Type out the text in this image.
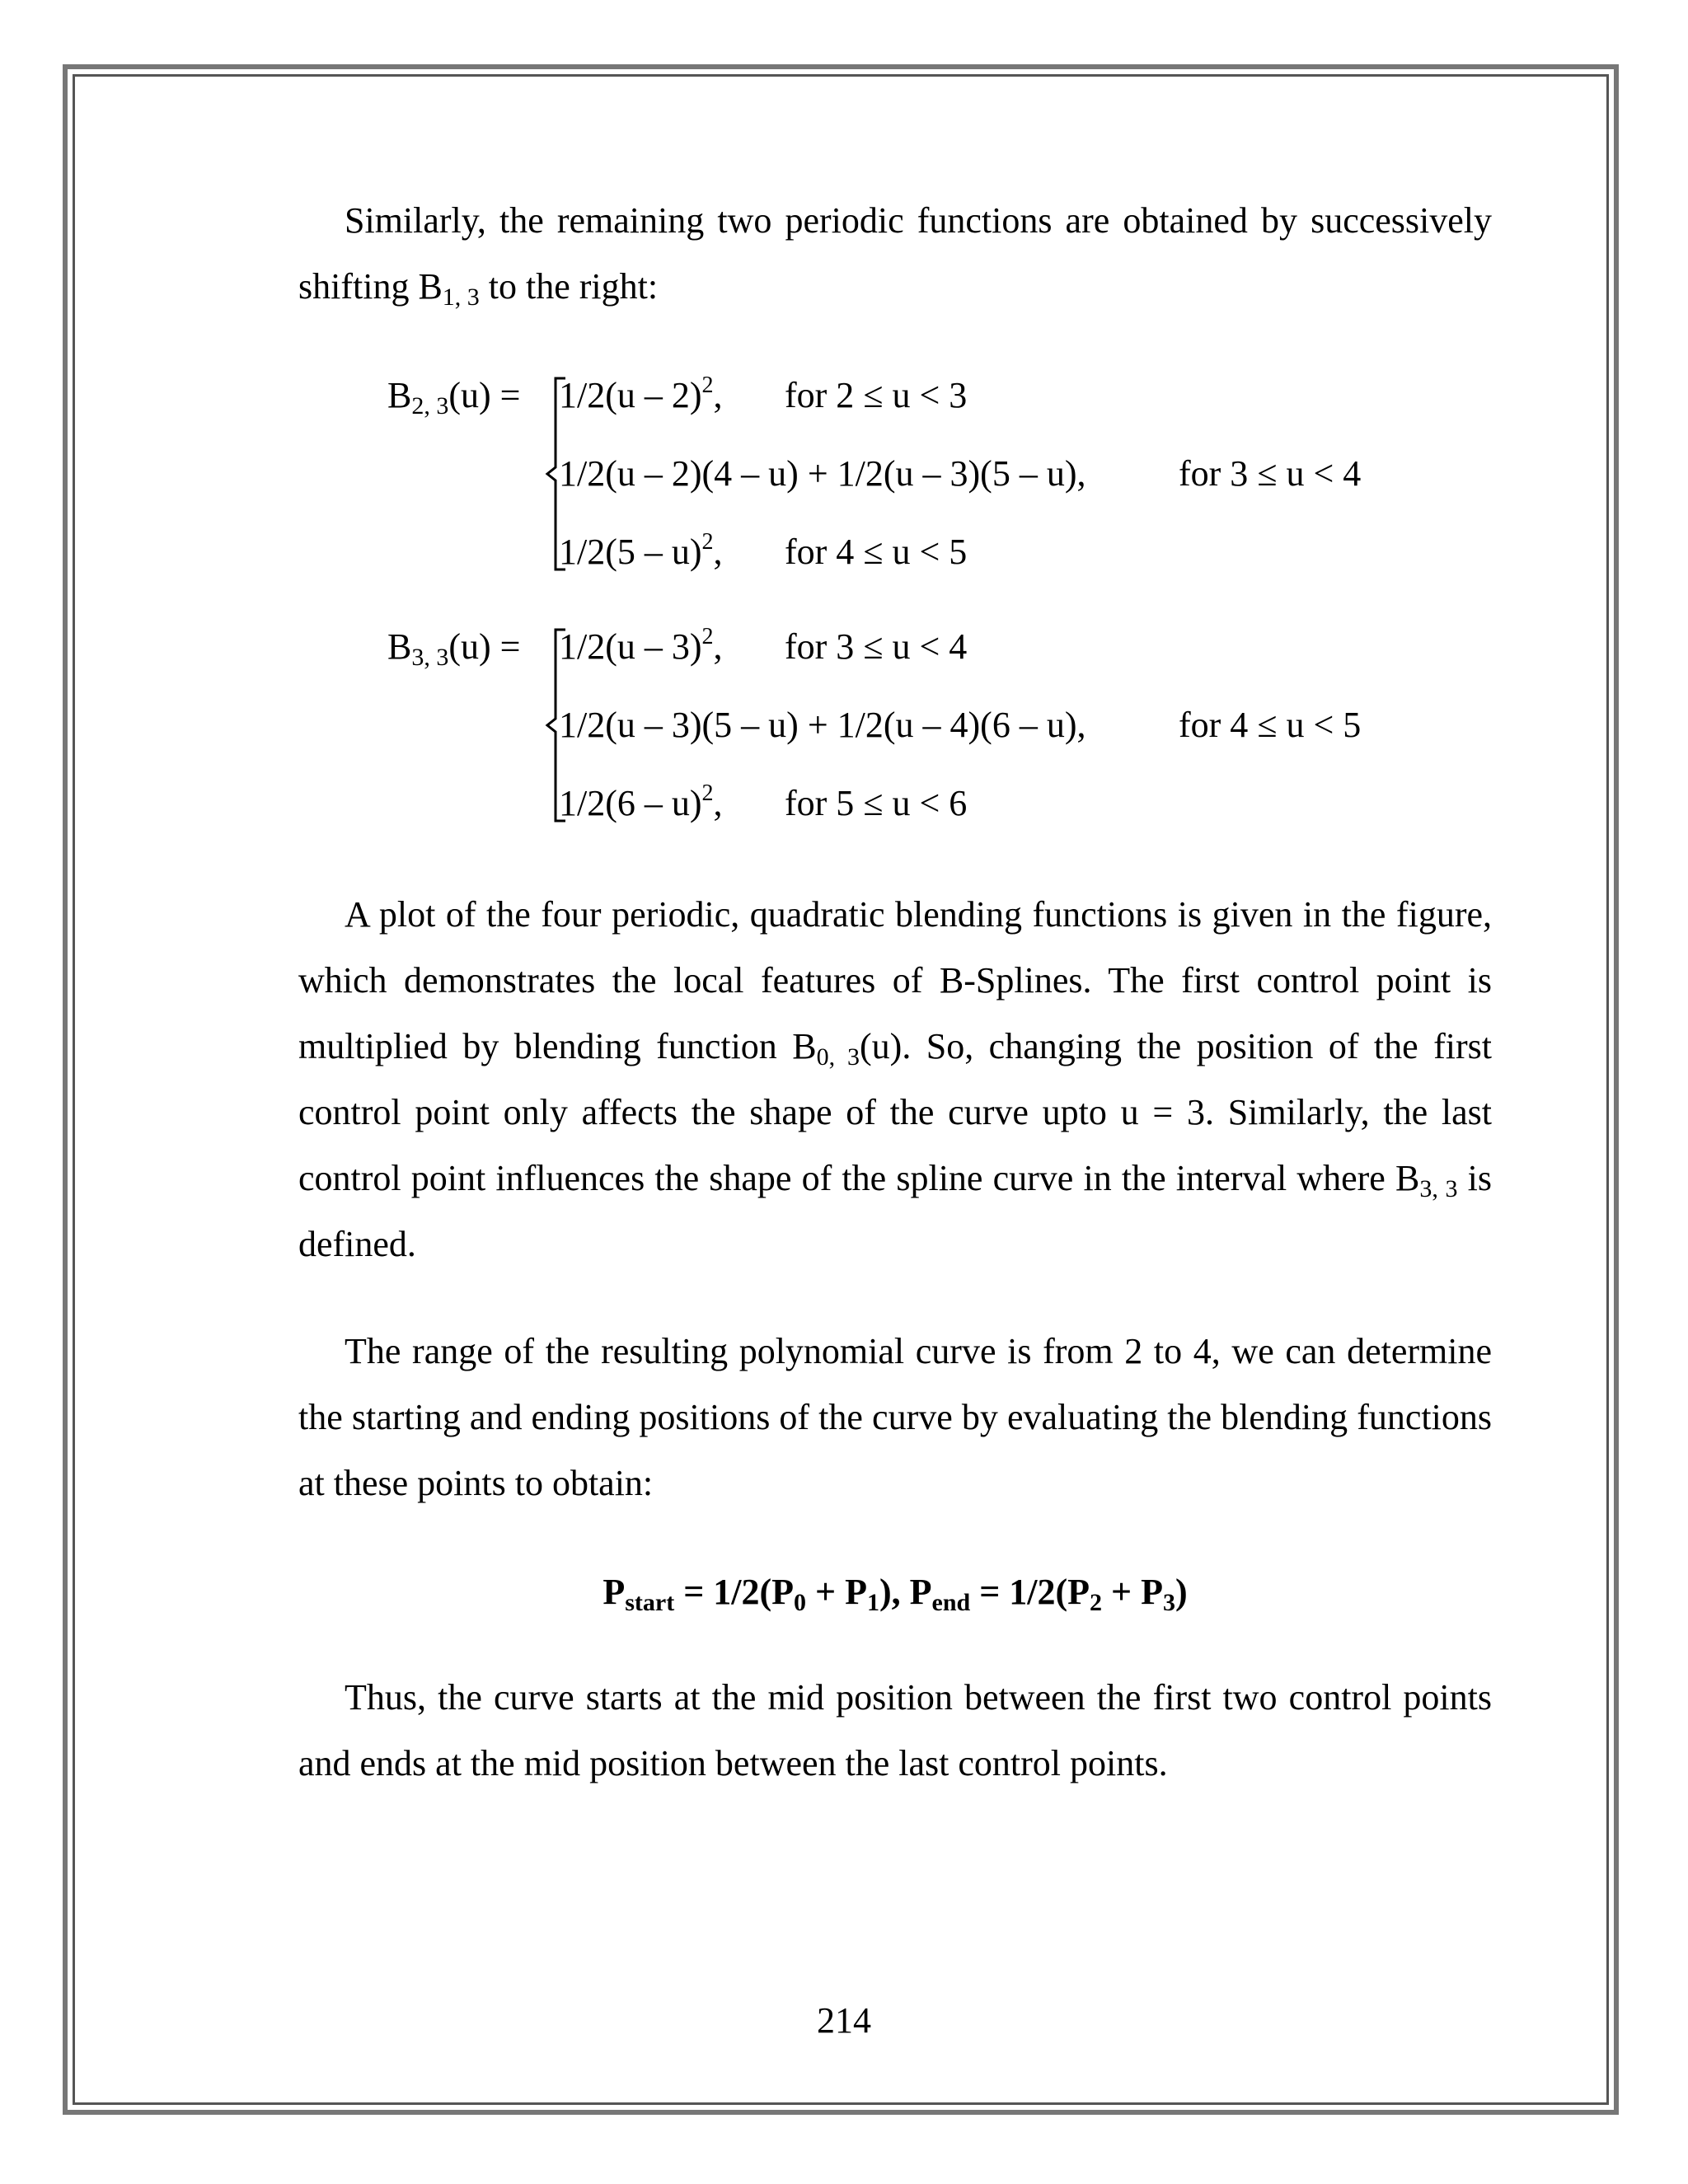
Similarly, the remaining two periodic functions are obtained by successively shifting $B_{1, 3}$ to the right:

$B_{2, 3}(u) = 1/2(u - 2)^2$, for 2 ≤ u < 3
1/2(u – 2)(4 – u) + 1/2(u – 3)(5 – u),	for 3 ≤ u < 4
1/2(5 – u)$^2$, for 4 ≤ u < 5
$B_{3, 3}(u) = 1/2(u - 3)^2$, for 3 ≤ u < 4
1/2(u – 3)(5 – u) + 1/2(u – 4)(6 – u),	for 4 ≤ u < 5
1/2(6 – u)$^2$, for 5 ≤ u < 6

A plot of the four periodic, quadratic blending functions is given in the figure, which demonstrates the local features of B-Splines. The first control point is multiplied by blending function $B_{0, 3}(u)$. So, changing the position of the first control point only affects the shape of the curve upto u = 3. Similarly, the last control point influences the shape of the spline curve in the interval where $B_{3, 3}$ is defined.

The range of the resulting polynomial curve is from 2 to 4, we can determine the starting and ending positions of the curve by evaluating the blending functions at these points to obtain:

$P_{start} = 1/2(P_0 + P_1)$, $P_{end} = 1/2(P_2 + P_3)$

Thus, the curve starts at the mid position between the first two control points and ends at the mid position between the last control points.

214
